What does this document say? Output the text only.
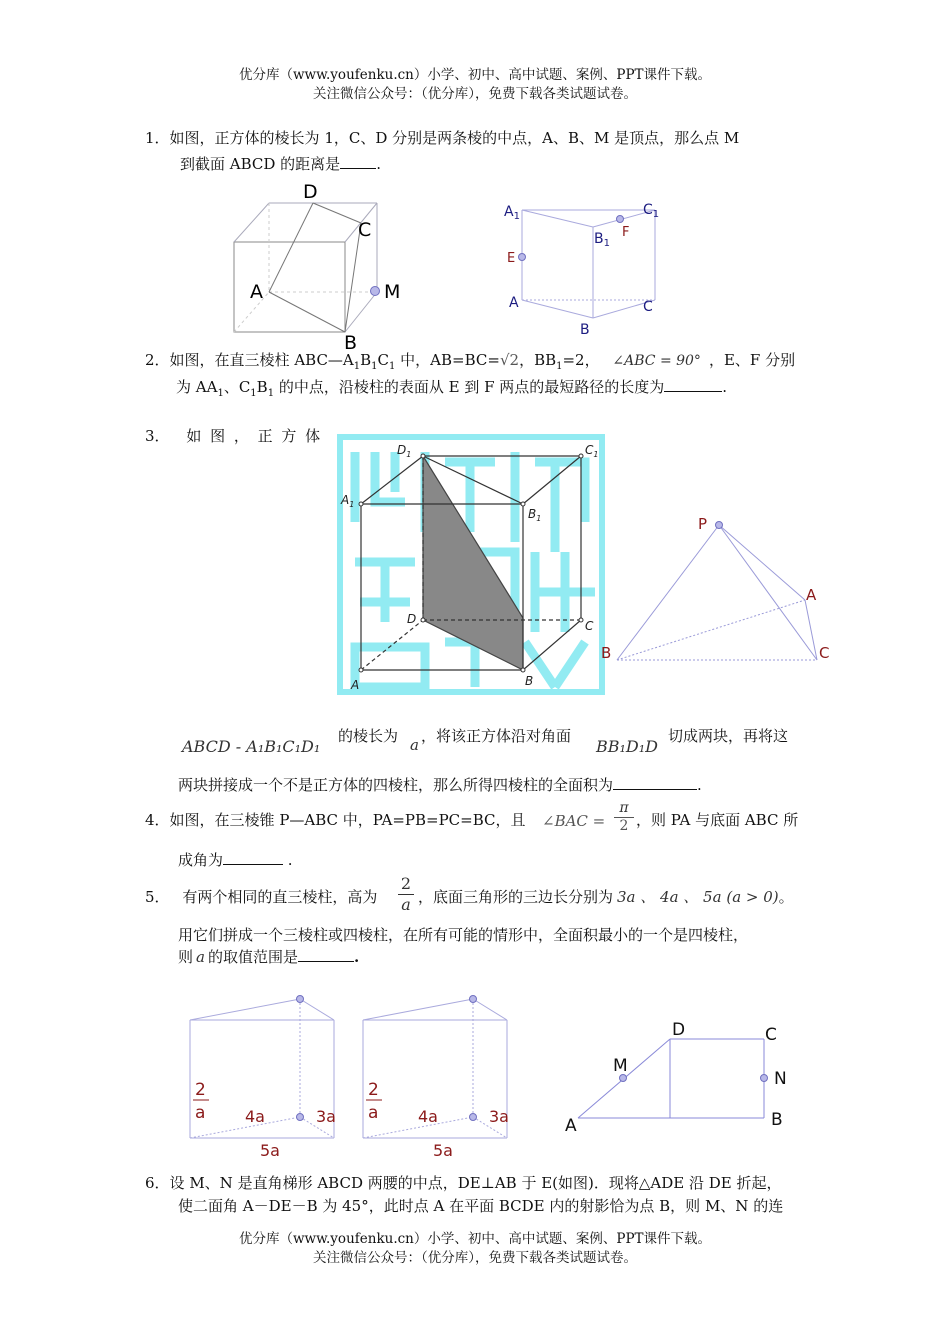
优分库（www.youfenku.cn）小学、初中、高中试题、案例、PPT课件下载。
关注微信公众号：（优分库），免费下载各类试题试卷。
1．如图，正方体的棱长为 1，C、D 分别是两条棱的中点，A、B、M 是顶点，那么点 M
到截面 ABCD 的距离是 .
D
C
A	M
B
$A_1$	$C_1$
$B_1$
F
E
A
B
C
2．如图，在直三棱柱 $ABC—A_1B_1C_1$ 中，AB=BC=√2，$BB_1=2$， ∠ABC = 90° ，E、F 分别
为 $AA_1$、$C_1B_1$ 的中点，沿棱柱的表面从 E 到 F 两点的最短路径的长度为	.
3． 如 图 ， 正 方 体
$D_1$	$C_1$
$A_1$
$B_1$
D	C
A	B
P
A
B	C
ABCD - A₁B₁C₁D₁
的棱长为 a ，将该正方体沿对角面
BB₁D₁D
切成两块，再将这
两块拼接成一个不是正方体的四棱柱，那么所得四棱柱的全面积为	.
4．如图，在三棱锥 P—ABC 中，PA=PB=PC=BC，且 ∠BAC = $\frac{\pi}{2}$ ，则 PA 与底面 ABC 所
成角为	.
5． 有两个相同的直三棱柱，高为 $\frac{2}{a}$ ，底面三角形的三边长分别为 3a 、 4a 、 5a (a > 0)。
用它们拼成一个三棱柱或四棱柱，在所有可能的情形中，全面积最小的一个是四棱柱，
则 a 的取值范围是	.
2
a 4a	3a
5a
2
a 4a	3a
5a
D	C
M
N
A	B
6．设 M、N 是直角梯形 ABCD 两腰的中点，DE⊥AB 于 E(如图)．现将△ADE 沿 DE 折起，
使二面角 A－DE－B 为 45°，此时点 A 在平面 BCDE 内的射影恰为点 B，则 M、N 的连
优分库（www.youfenku.cn）小学、初中、高中试题、案例、PPT课件下载。
关注微信公众号：（优分库），免费下载各类试题试卷。
